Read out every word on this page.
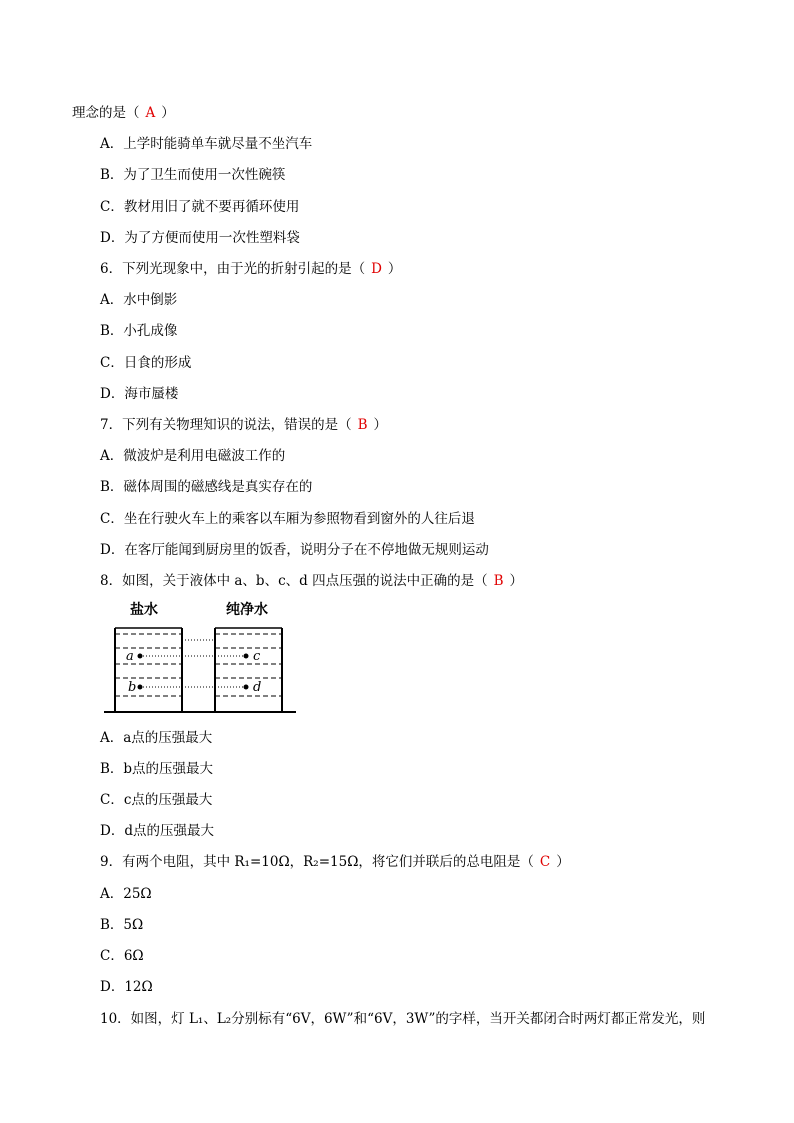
理念的是（ A ）
A．上学时能骑单车就尽量不坐汽车
B．为了卫生而使用一次性碗筷
C．教材用旧了就不要再循环使用
D．为了方便而使用一次性塑料袋
6．下列光现象中，由于光的折射引起的是（ D ）
A．水中倒影
B．小孔成像
C．日食的形成
D．海市蜃楼
7．下列有关物理知识的说法，错误的是（ B ）
A．微波炉是利用电磁波工作的
B．磁体周围的磁感线是真实存在的
C．坐在行驶火车上的乘客以车厢为参照物看到窗外的人往后退
D．在客厅能闻到厨房里的饭香，说明分子在不停地做无规则运动
8．如图，关于液体中 a、b、c、d 四点压强的说法中正确的是（ B ）
盐水	纯净水
a
b
c
d
A．a点的压强最大
B．b点的压强最大
C．c点的压强最大
D．d点的压强最大
9．有两个电阻，其中 R₁=10Ω，R₂=15Ω，将它们并联后的总电阻是（ C ）
A．25Ω
B．5Ω
C．6Ω
D．12Ω
10．如图，灯 L₁、L₂分别标有“6V，6W”和“6V，3W”的字样，当开关都闭合时两灯都正常发光，则
